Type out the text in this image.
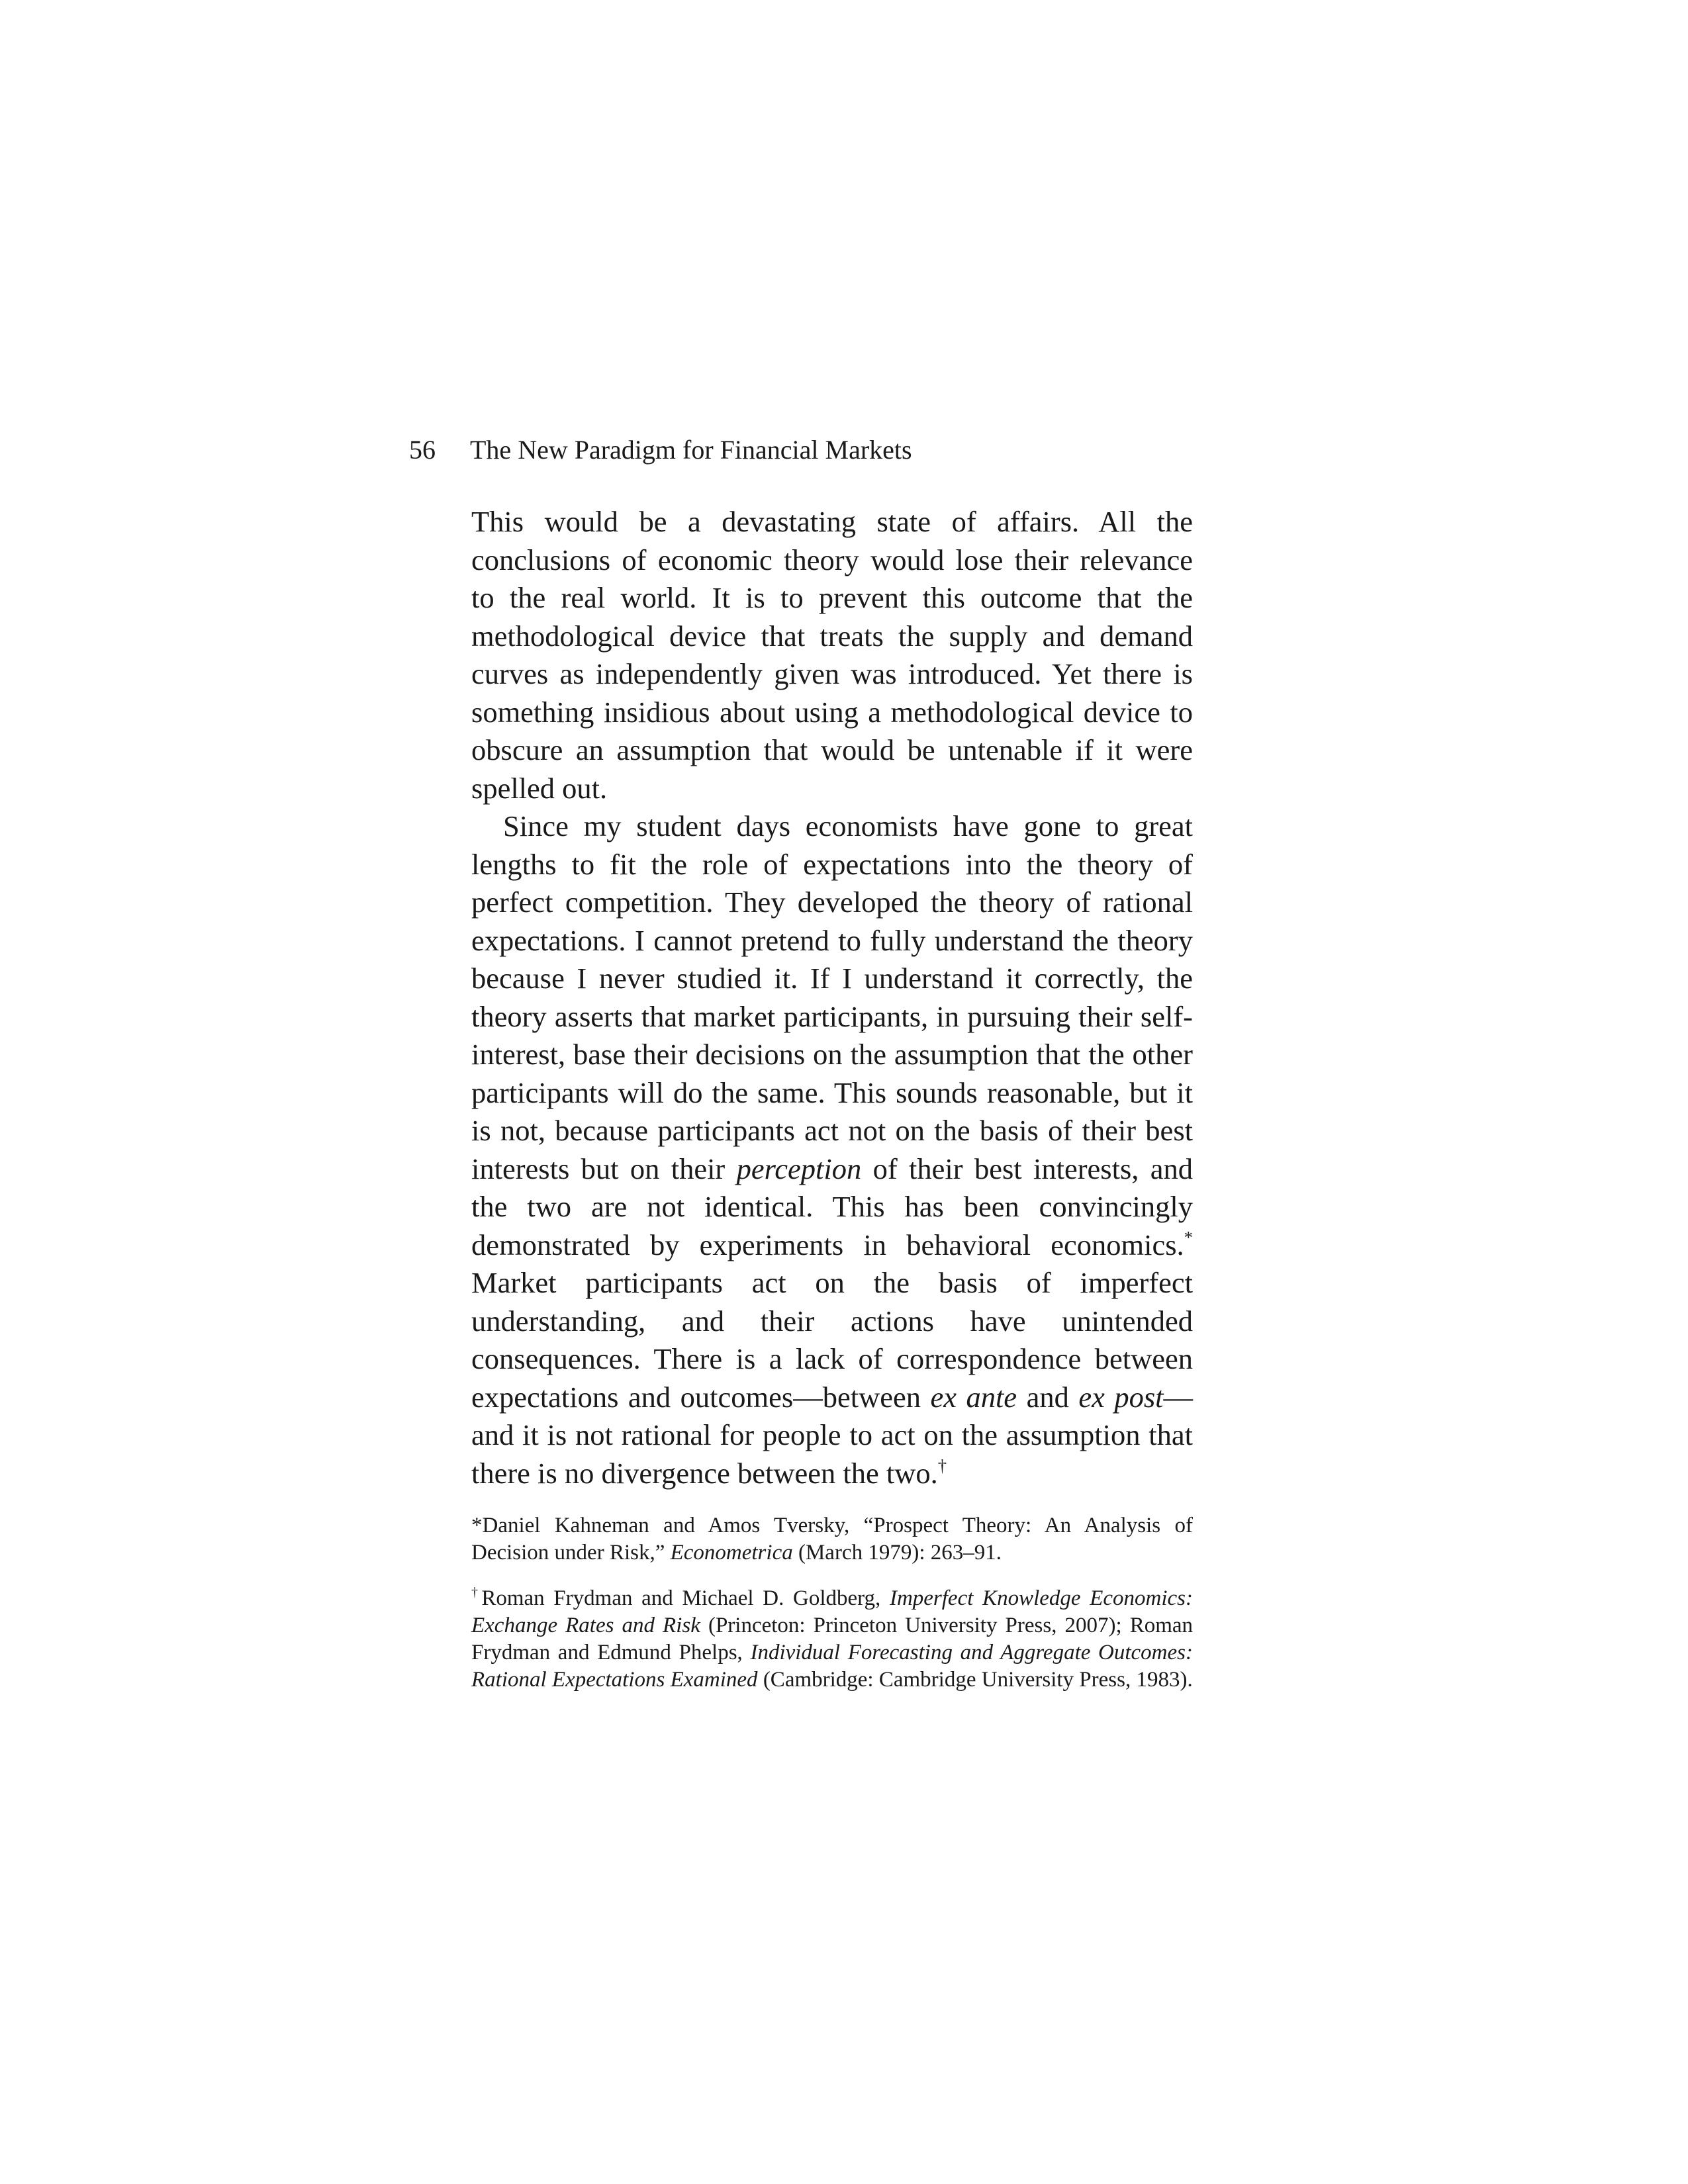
56 The New Paradigm for Financial Markets

This would be a devastating state of affairs. All the conclusions of economic theory would lose their relevance to the real world. It is to prevent this outcome that the methodological device that treats the supply and demand curves as independently given was introduced. Yet there is something insidious about using a methodological device to obscure an assumption that would be untenable if it were spelled out.

Since my student days economists have gone to great lengths to fit the role of expectations into the theory of perfect competition. They developed the theory of rational expectations. I cannot pretend to fully understand the theory because I never studied it. If I understand it correctly, the theory asserts that market participants, in pursuing their self-interest, base their decisions on the assumption that the other participants will do the same. This sounds reasonable, but it is not, because participants act not on the basis of their best interests but on their perception of their best interests, and the two are not identical. This has been convincingly demonstrated by experiments in behavioral economics.* Market participants act on the basis of imperfect understanding, and their actions have unintended consequences. There is a lack of correspondence between expectations and outcomes—between ex ante and ex post—and it is not rational for people to act on the assumption that there is no divergence between the two.†

*Daniel Kahneman and Amos Tversky, “Prospect Theory: An Analysis of Decision under Risk,” Econometrica (March 1979): 263–91.

†Roman Frydman and Michael D. Goldberg, Imperfect Knowledge Economics: Exchange Rates and Risk (Princeton: Princeton University Press, 2007); Roman Frydman and Edmund Phelps, Individual Forecasting and Aggregate Outcomes: Rational Expectations Examined (Cambridge: Cambridge University Press, 1983).
